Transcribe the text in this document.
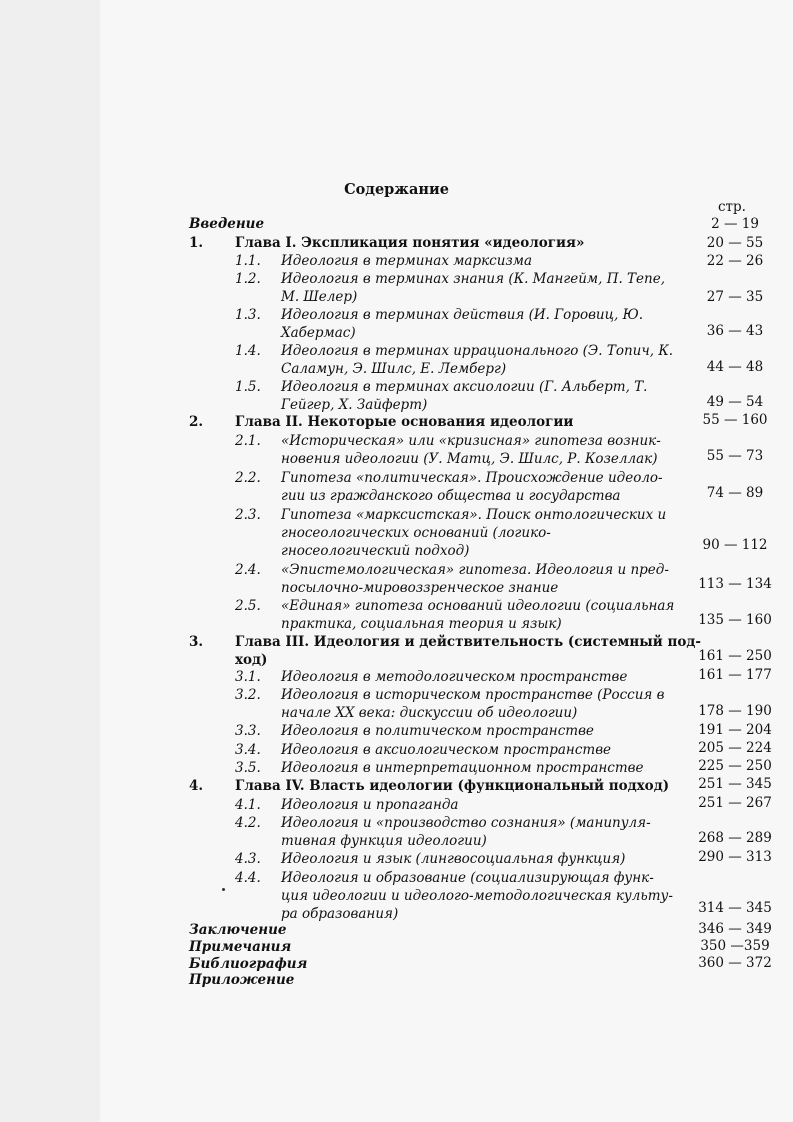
Содержание
стр.
Введение	2 — 19
1. Глава I. Экспликация понятия «идеология»	20 — 55
1.1. Идеология в терминах марксизма	22 — 26
1.2. Идеология в терминах знания (К. Мангейм, П. Тепе,
М. Шелер)	27 — 35
1.3. Идеология в терминах действия (И. Горовиц, Ю.
Хабермас)	36 — 43
1.4. Идеология в терминах иррационального (Э. Топич, К.
Саламун, Э. Шилс, Е. Лемберг)	44 — 48
1.5. Идеология в терминах аксиологии (Г. Альберт, Т.
Гейгер, Х. Зайферт)	49 — 54
2. Глава II. Некоторые основания идеологии	55 — 160
2.1. «Историческая» или «кризисная» гипотеза возник-
новения идеологии (У. Матц, Э. Шилс, Р. Козеллак)	55 — 73
2.2. Гипотеза «политическая». Происхождение идеоло-
гии из гражданского общества и государства	74 — 89
2.3. Гипотеза «марксистская». Поиск онтологических и
гносеологических оснований (логико-
гносеологический подход)	90 — 112
2.4. «Эпистемологическая» гипотеза. Идеология и пред-
посылочно-мировоззренческое знание	113 — 134
2.5. «Единая» гипотеза оснований идеологии (социальная
практика, социальная теория и язык)	135 — 160
3. Глава III. Идеология и действительность (системный под-
ход)	161 — 250
3.1. Идеология в методологическом пространстве	161 — 177
3.2. Идеология в историческом пространстве (Россия в
начале XX века: дискуссии об идеологии)	178 — 190
3.3. Идеология в политическом пространстве	191 — 204
3.4. Идеология в аксиологическом пространстве	205 — 224
3.5. Идеология в интерпретационном пространстве	225 — 250
4. Глава IV. Власть идеологии (функциональный подход)	251 — 345
4.1. Идеология и пропаганда	251 — 267
4.2. Идеология и «производство сознания» (манипуля-
тивная функция идеологии)	268 — 289
4.3. Идеология и язык (лингвосоциальная функция)	290 — 313
4.4. Идеология и образование (социализирующая функ-
ция идеологии и идеолого-методологическая культу-
ра образования)	314 — 345
Заключение	346 — 349
Примечания	350 —359
Библиография	360 — 372
Приложение
